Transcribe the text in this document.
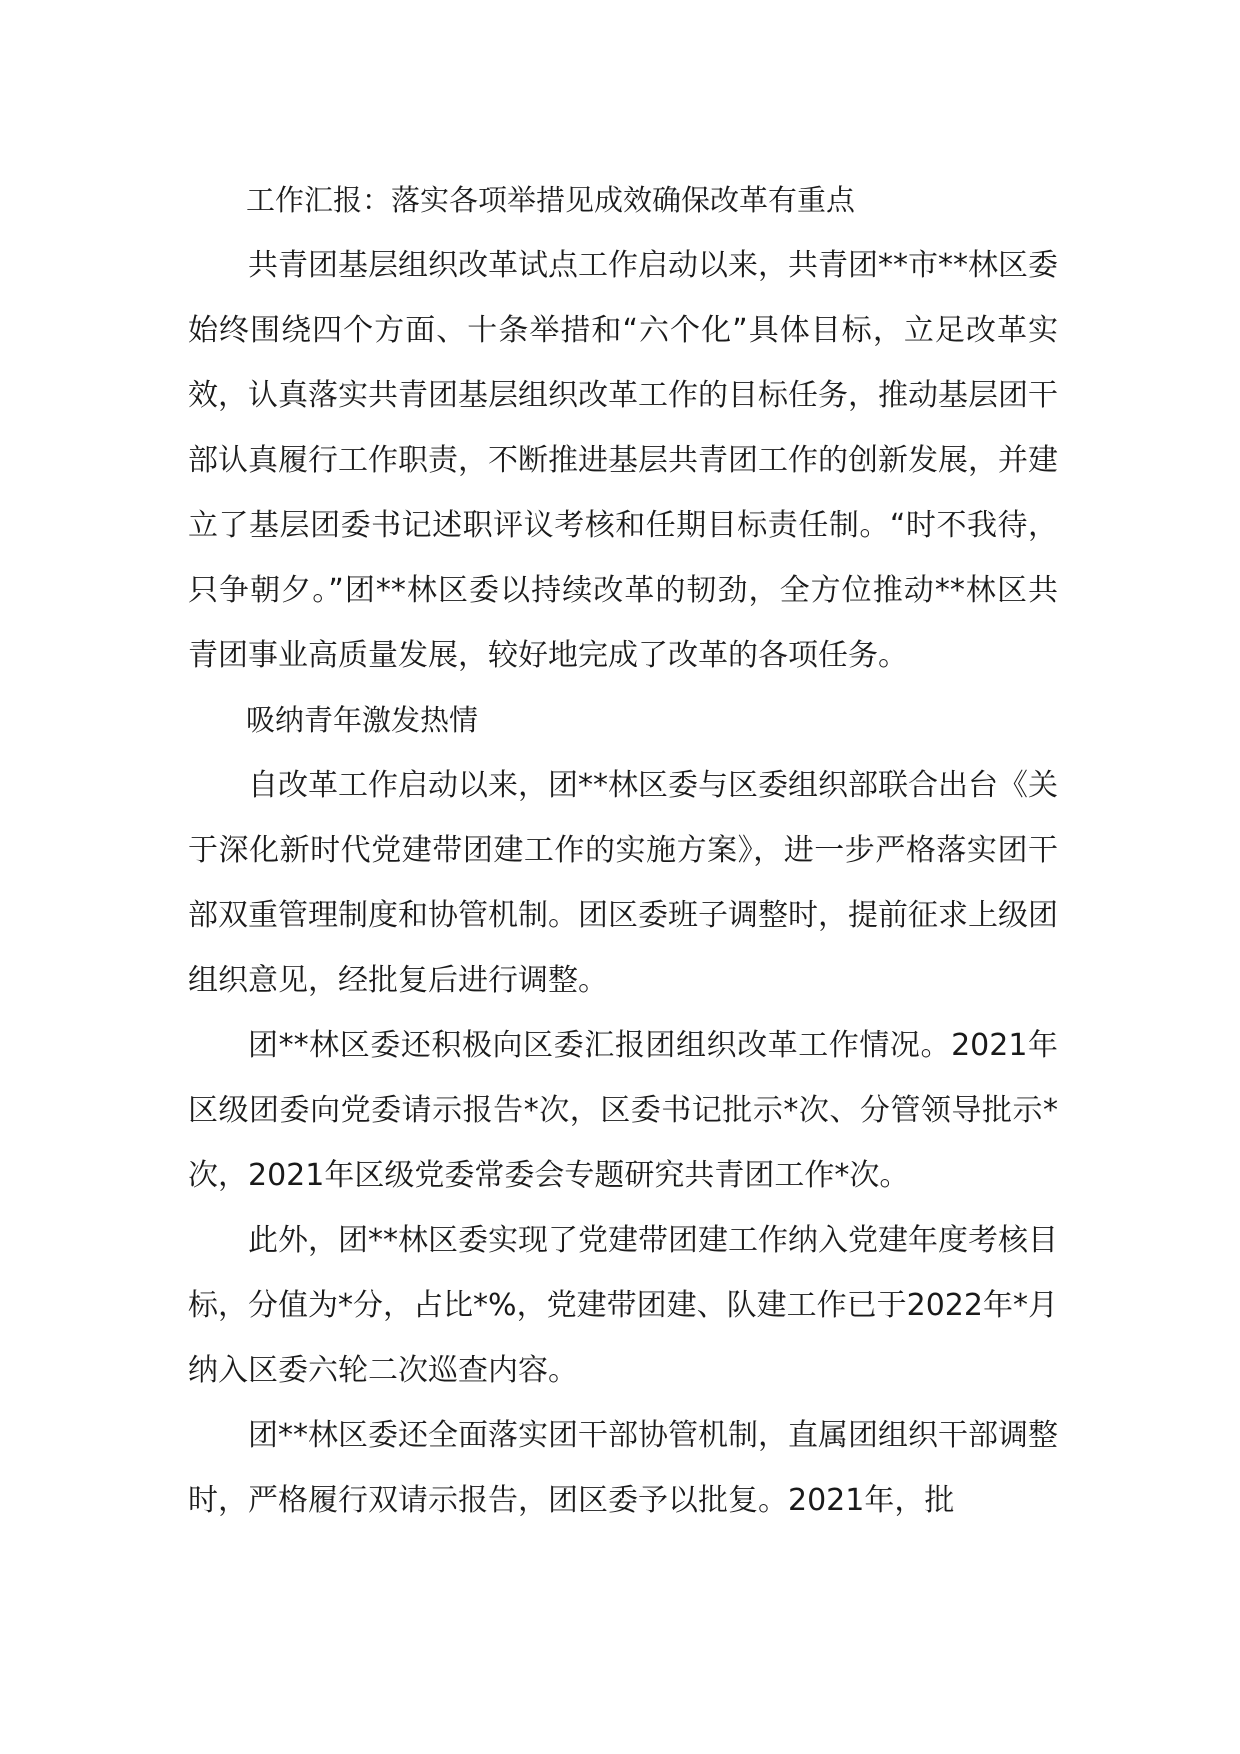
工作汇报：落实各项举措见成效确保改革有重点

共青团基层组织改革试点工作启动以来，共青团**市**林区委始终围绕四个方面、十条举措和“六个化”具体目标，立足改革实效，认真落实共青团基层组织改革工作的目标任务，推动基层团干部认真履行工作职责，不断推进基层共青团工作的创新发展，并建立了基层团委书记述职评议考核和任期目标责任制。“时不我待，只争朝夕。”团**林区委以持续改革的韧劲，全方位推动**林区共青团事业高质量发展，较好地完成了改革的各项任务。

吸纳青年激发热情

自改革工作启动以来，团**林区委与区委组织部联合出台《关于深化新时代党建带团建工作的实施方案》，进一步严格落实团干部双重管理制度和协管机制。团区委班子调整时，提前征求上级团组织意见，经批复后进行调整。

团**林区委还积极向区委汇报团组织改革工作情况。2021年区级团委向党委请示报告*次，区委书记批示*次、分管领导批示*次，2021年区级党委常委会专题研究共青团工作*次。

此外，团**林区委实现了党建带团建工作纳入党建年度考核目标，分值为*分，占比*%，党建带团建、队建工作已于2022年*月纳入区委六轮二次巡查内容。

团**林区委还全面落实团干部协管机制，直属团组织干部调整时，严格履行双请示报告，团区委予以批复。2021年，批
